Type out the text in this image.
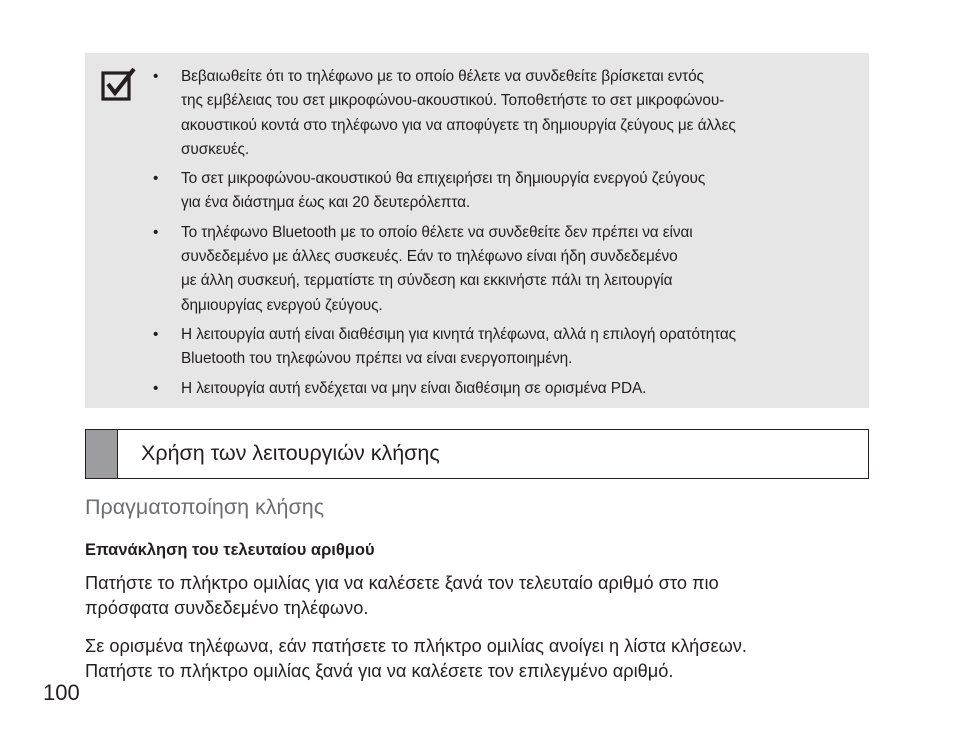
• Βεβαιωθείτε ότι το τηλέφωνο με το οποίο θέλετε να συνδεθείτε βρίσκεται εντός
της εμβέλειας του σετ μικροφώνου-ακουστικού. Τοποθετήστε το σετ μικροφώνου-
ακουστικού κοντά στο τηλέφωνο για να αποφύγετε τη δημιουργία ζεύγους με άλλες
συσκευές.
• Το σετ μικροφώνου-ακουστικού θα επιχειρήσει τη δημιουργία ενεργού ζεύγους
για ένα διάστημα έως και 20 δευτερόλεπτα.
• Το τηλέφωνο Bluetooth με το οποίο θέλετε να συνδεθείτε δεν πρέπει να είναι
συνδεδεμένο με άλλες συσκευές. Εάν το τηλέφωνο είναι ήδη συνδεδεμένο
με άλλη συσκευή, τερματίστε τη σύνδεση και εκκινήστε πάλι τη λειτουργία
δημιουργίας ενεργού ζεύγους.
• Η λειτουργία αυτή είναι διαθέσιμη για κινητά τηλέφωνα, αλλά η επιλογή ορατότητας
Bluetooth του τηλεφώνου πρέπει να είναι ενεργοποιημένη.
• Η λειτουργία αυτή ενδέχεται να μην είναι διαθέσιμη σε ορισμένα PDA.
Χρήση των λειτουργιών κλήσης
Πραγματοποίηση κλήσης
Επανάκληση του τελευταίου αριθμού
Πατήστε το πλήκτρο ομιλίας για να καλέσετε ξανά τον τελευταίο αριθμό στο πιο
πρόσφατα συνδεδεμένο τηλέφωνο.
Σε ορισμένα τηλέφωνα, εάν πατήσετε το πλήκτρο ομιλίας ανοίγει η λίστα κλήσεων.
Πατήστε το πλήκτρο ομιλίας ξανά για να καλέσετε τον επιλεγμένο αριθμό.
100
